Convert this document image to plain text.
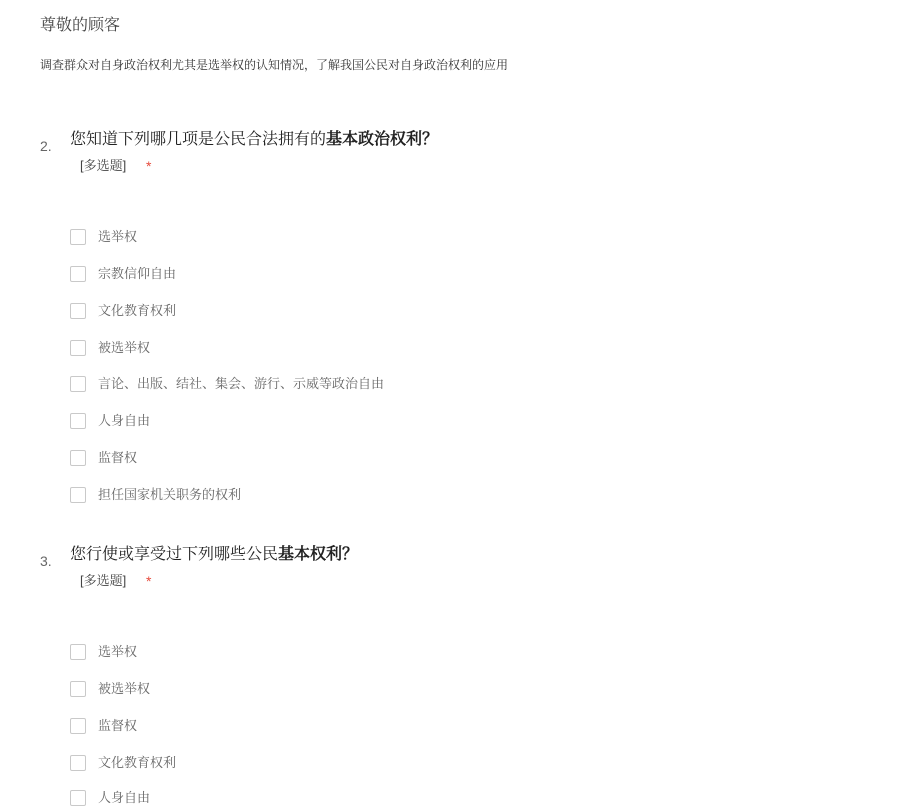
尊敬的顾客
调查群众对自身政治权利尤其是选举权的认知情况，了解我国公民对自身政治权利的应用
2. 您知道下列哪几项是公民合法拥有的基本政治权利？
[多选题] *
选举权
宗教信仰自由
文化教育权利
被选举权
言论、出版、结社、集会、游行、示威等政治自由
人身自由
监督权
担任国家机关职务的权利
3. 您行使或享受过下列哪些公民基本权利？
[多选题] *
选举权
被选举权
监督权
文化教育权利
人身自由
